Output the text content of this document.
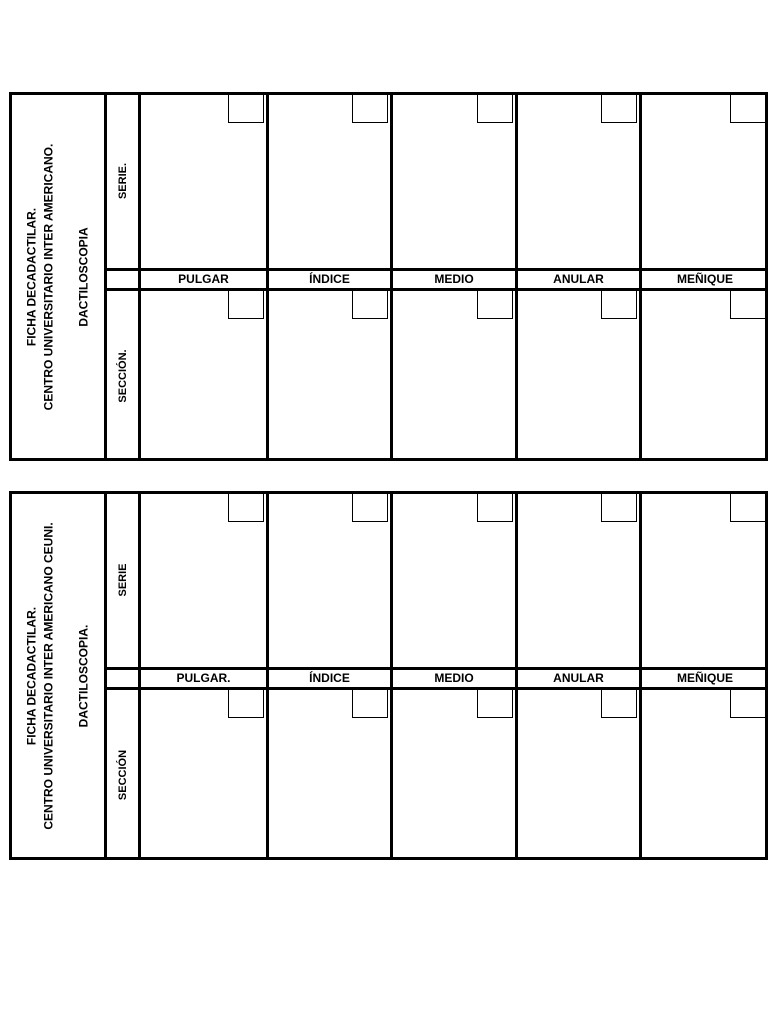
FICHA DECADACTILAR. CENTRO UNIVERSITARIO INTER AMERICANO. DACTILOSCOPIA
SERIE.
SECCIÓN.
PULGAR	ÍNDICE	MEDIO	ANULAR	MEÑIQUE
FICHA DECADACTILAR. CENTRO UNIVERSITARIO INTER AMERICANO CEUNI. DACTILOSCOPIA.
SERIE
SECCIÓN
PULGAR.	ÍNDICE	MEDIO	ANULAR	MEÑIQUE
